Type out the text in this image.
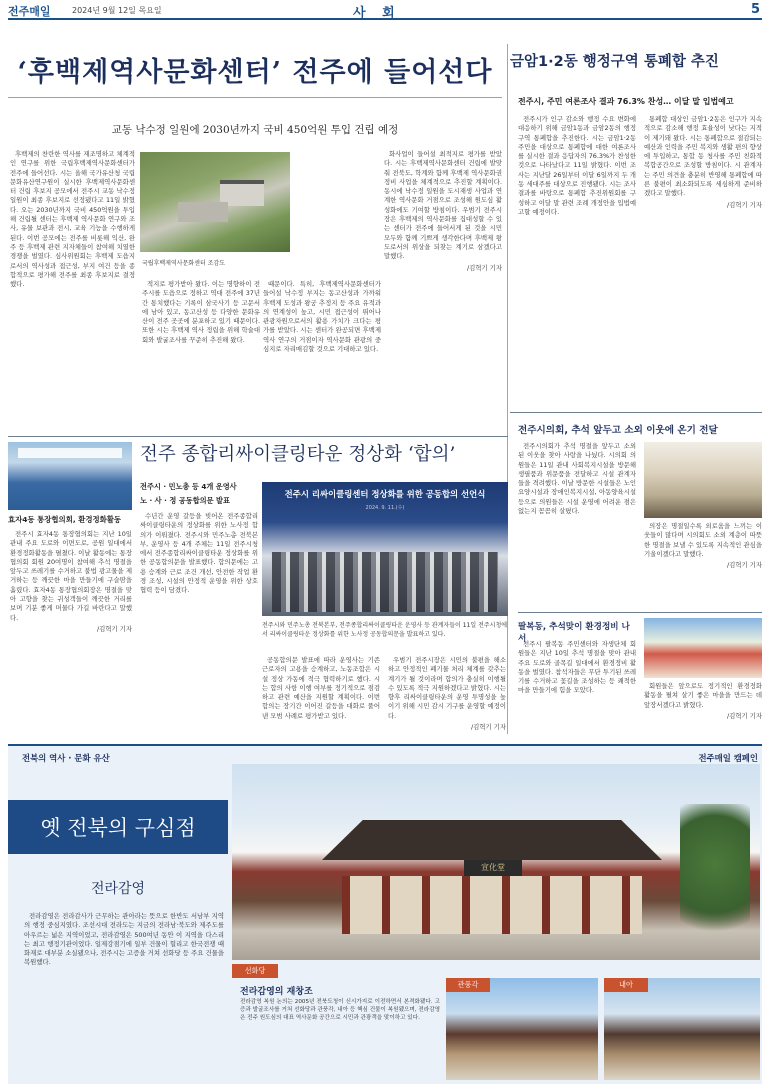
전주매일	2024년 9월 12일 목요일	사 회	5
‘후백제역사문화센터’ 전주에 들어선다
교동 낙수정 일원에 2030년까지 국비 450억원 투입 건립 예정

후백제의 찬란한 역사를 재조명하고 체계적인 연구를 위한 국립후백제역사문화센터가 전주에 들어선다. 시는 올해 국가유산청 국립문화유산연구원이 실시한 후백제역사문화센터 건립 후보지 공모에서 전주시 교동 낙수정 일원이 최종 후보지로 선정됐다고 11일 밝혔다. 오는 2030년까지 국비 450억원을 투입해 건립될 센터는 후백제 역사문화 연구와 조사, 유물 보관과 전시, 교육 기능을 수행하게 된다. 이번 공모에는 전주를 비롯해 익산, 완주 등 후백제 관련 지자체들이 참여해 치열한 경쟁을 벌였다. 심사위원회는 후백제 도읍지로서의 역사성과 접근성, 부지 여건 등을 종합적으로 평가해 전주를 최종 후보지로 결정했다.

국립후백제역사문화센터 조감도

적지로 평가받아 왔다. 이는 명향하이 전주시를 도읍으로 정하고 역대 전주에 37년간 통치했다는 기록이 삼국사기 등 고문서에 남아 있고, 동고산성 등 다양한 문화유산이 전주 곳곳에 분포하고 있기 때문이다. 또한 시는 후백제 역사 정립을 위해 학술대회와 발굴조사를 꾸준히 추진해 왔다.

때문이다. 특히, 후백제역사문화센터가 들어설 낙수정 부지는 동고산성과 가까워 후백제 도성과 왕궁 추정지 등 주요 유적과의 연계성이 높고, 시민 접근성이 뛰어나 관광자원으로서의 활용 가치가 크다는 평가를 받았다. 시는 센터가 완공되면 후백제 역사 연구의 거점이자 역사문화 관광의 중심지로 자리매김할 것으로 기대하고 있다.

화사업이 들어설 최적지로 평가를 받았다. 시는 후백제역사문화센터 건립에 발맞춰 전북도, 학계와 함께 후백제 역사문화권 정비 사업을 체계적으로 추진할 계획이다. 동시에 낙수정 일원을 도시재생 사업과 연계한 역사문화 거점으로 조성해 원도심 활성화에도 기여할 방침이다. 우범기 전주시장은 후백제의 역사문화를 집대성할 수 있는 센터가 전주에 들어서게 된 것을 시민 모두와 함께 기쁘게 생각한다며 후백제 왕도로서의 위상을 되찾는 계기로 삼겠다고 말했다.

/김혁기 기자
금암1·2동 행정구역 통폐합 추진
전주시, 주민 여론조사 결과 76.3% 찬성… 이달 말 입법예고

전주시가 인구 감소와 행정 수요 변화에 대응하기 위해 금암1동과 금암2동의 행정구역 통폐합을 추진한다. 시는 금암1·2동 주민을 대상으로 통폐합에 대한 여론조사를 실시한 결과 응답자의 76.3%가 찬성한 것으로 나타났다고 11일 밝혔다. 이번 조사는 지난달 26일부터 이달 6일까지 두 개 동 세대주를 대상으로 진행됐다. 시는 조사 결과를 바탕으로 통폐합 추진위원회를 구성하고 이달 말 관련 조례 개정안을 입법예고할 예정이다.

통폐합 대상인 금암1·2동은 인구가 지속적으로 감소해 행정 효율성이 낮다는 지적이 제기돼 왔다. 시는 통폐합으로 절감되는 예산과 인력을 주민 복지와 생활 편의 향상에 투입하고, 통합 동 청사를 주민 친화적 복합공간으로 조성할 방침이다. 시 관계자는 주민 의견을 충분히 반영해 통폐합에 따른 불편이 최소화되도록 세심하게 준비하겠다고 말했다.

/김혁기 기자
효자4동 통장협의회, 환경정화활동

전주시 효자4동 통장협의회는 지난 10일 관내 주요 도로와 이면도로, 공원 일대에서 환경정화활동을 펼쳤다. 이날 활동에는 통장협의회 회원 20여명이 참여해 추석 명절을 앞두고 쓰레기를 수거하고 불법 광고물을 제거하는 등 깨끗한 마을 만들기에 구슬땀을 흘렸다. 효자4동 통장협의회장은 명절을 맞아 고향을 찾는 귀성객들이 깨끗한 거리를 보며 기분 좋게 머물다 가길 바란다고 말했다.

/김혁기 기자
전주 종합리싸이클링타운 정상화 ‘합의’
전주시 · 민노총 등 4개 운영사
노 · 사 · 정 공동합의문 발표

수년간 운영 갈등을 빚어온 전주종합리싸이클링타운의 정상화를 위한 노사정 합의가 이뤄졌다. 전주시와 민주노총 전북본부, 운영사 등 4개 주체는 11일 전주시청에서 전주종합리싸이클링타운 정상화를 위한 공동합의문을 발표했다. 합의문에는 고용 승계와 근로 조건 개선, 안전한 작업 환경 조성, 시설의 안정적 운영을 위한 상호 협력 등이 담겼다.

전주시 리싸이클링센터 정상화를 위한 공동합의 선언식
2024. 9. 11.(수)
전주시와 민주노총 전북본부, 전주종합리싸이클링타운 운영사 등 관계자들이 11일 전주시청에서 리싸이클링타운 정상화를 위한 노사정 공동합의문을 발표하고 있다.

공동합의문 발표에 따라 운영사는 기존 근로자의 고용을 승계하고, 노동조합은 시설 정상 가동에 적극 협력하기로 했다. 시는 합의 사항 이행 여부를 정기적으로 점검하고 관련 예산을 지원할 계획이다. 이번 합의는 장기간 이어진 갈등을 대화로 풀어낸 모범 사례로 평가받고 있다.

우범기 전주시장은 시민의 불편을 해소하고 안정적인 폐기물 처리 체계를 갖추는 계기가 될 것이라며 합의가 충실히 이행될 수 있도록 적극 지원하겠다고 밝혔다. 시는 향후 리싸이클링타운의 운영 투명성을 높이기 위해 시민 감시 기구를 운영할 예정이다.

/김혁기 기자
전주시의회, 추석 앞두고 소외 이웃에 온기 전달

전주시의회가 추석 명절을 앞두고 소외된 이웃을 찾아 사랑을 나눴다. 시의회 의원들은 11일 관내 사회복지시설을 방문해 생필품과 위문품을 전달하고 시설 관계자들을 격려했다. 이날 방문한 시설들은 노인요양시설과 장애인복지시설, 아동양육시설 등으로 의원들은 시설 운영에 어려운 점은 없는지 꼼꼼히 살폈다.

의장은 명절일수록 외로움을 느끼는 이웃들이 많다며 시의회도 소외 계층이 따뜻한 명절을 보낼 수 있도록 지속적인 관심을 기울이겠다고 말했다.

/김혁기 기자
팔복동, 추석맞이 환경정비 나서

전주시 팔복동 주민센터와 자생단체 회원들은 지난 10일 추석 명절을 맞아 관내 주요 도로와 골목길 일대에서 환경정비 활동을 벌였다. 참석자들은 무단 투기된 쓰레기를 수거하고 꽃길을 조성하는 등 쾌적한 마을 만들기에 힘을 모았다.

회원들은 앞으로도 정기적인 환경정화 활동을 펼쳐 살기 좋은 마을을 만드는 데 앞장서겠다고 밝혔다.

/김혁기 기자
전북의 역사 · 문화 유산	전주매일 캠페인
옛 전북의 구심점
전라감영

전라감영은 전라감사가 근무하는 관아라는 뜻으로 한반도 서남부 지역의 행정 중심지였다. 조선시대 전라도는 지금의 전라남·북도와 제주도를 아우르는 넓은 지역이었고, 전라감영은 500여년 동안 이 지역을 다스리는 최고 행정기관이었다. 일제강점기에 일부 건물이 헐리고 한국전쟁 때 화재로 대부분 소실됐으나, 전주시는 고증을 거쳐 선화당 등 주요 건물을 복원했다.

宣化堂
선화당
전라감영의 재창조
전라감영 복원 논의는 2005년 전북도청이 신시가지로 이전하면서 본격화됐다. 고증과 발굴조사를 거쳐 선화당과 관풍각, 내아 등 핵심 건물이 복원됐으며, 전라감영은 전주 원도심의 대표 역사문화 공간으로 시민과 관광객을 맞이하고 있다.
관풍각	내아
